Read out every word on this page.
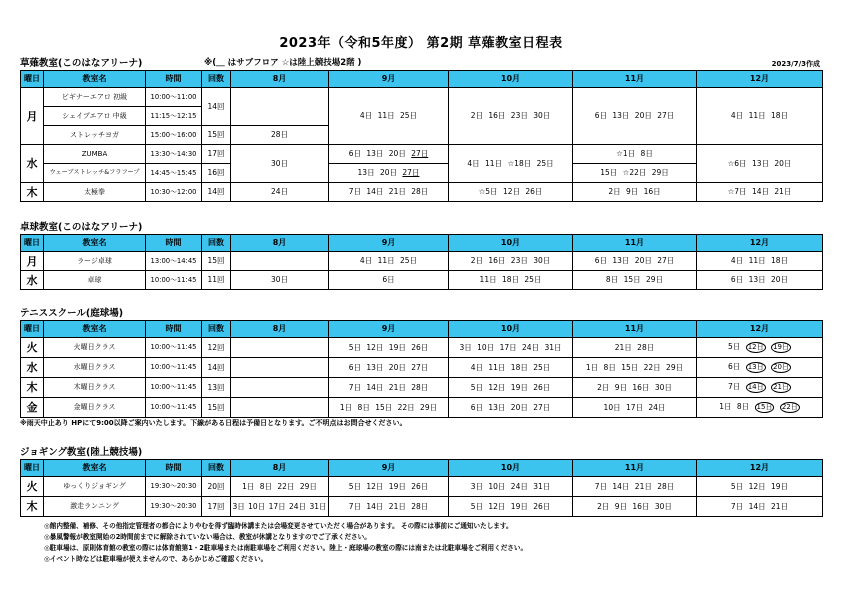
2023年（令和5年度） 第2期 草薙教室日程表
草薙教室(このはなアリーナ)	※(＿ はサブフロア ☆は陸上競技場2階 )	2023/7/3作成
曜日	教室名	時間	回数	8月	9月	10月	11月	12月
月	ビギナーエアロ 初級	10:00～11:00	14回		4日 11日 25日	2日 16日 23日 30日	6日 13日 20日 27日	4日 11日 18日
	シェイプエアロ 中級	11:15～12:15						
	ストレッチヨガ	15:00～16:00	15回	28日				
水	ZUMBA	13:30～14:30	17回	30日	6日 13日 20日 27日	4日 11日 ☆18日 25日	☆1日 8日	☆6日 13日 20日
	ウェーブストレッチ&フラフープ	14:45～15:45	16回		13日 20日 27日		15日 ☆22日 29日	
木	太極拳	10:30～12:00	14回	24日	7日 14日 21日 28日	☆5日 12日 26日	2日 9日 16日	☆7日 14日 21日
卓球教室(このはなアリーナ)
曜日	教室名	時間	回数	8月	9月	10月	11月	12月
月	ラージ卓球	13:00～14:45	15回		4日 11日 25日	2日 16日 23日 30日	6日 13日 20日 27日	4日 11日 18日
水	卓球	10:00～11:45	11回	30日	6日	11日 18日 25日	8日 15日 29日	6日 13日 20日
テニススクール(庭球場)
曜日	教室名	時間	回数	8月	9月	10月	11月	12月
火	火曜日クラス	10:00～11:45	12回		5日 12日 19日 26日	3日 10日 17日 24日 31日	21日 28日	5日 12日 19日
水	水曜日クラス	10:00～11:45	14回		6日 13日 20日 27日	4日 11日 18日 25日	1日 8日 15日 22日 29日	6日 13日 20日
木	木曜日クラス	10:00～11:45	13回		7日 14日 21日 28日	5日 12日 19日 26日	2日 9日 16日 30日	7日 14日 21日
金	金曜日クラス	10:00～11:45	15回		1日 8日 15日 22日 29日	6日 13日 20日 27日	10日 17日 24日	1日 8日 15日 22日
※雨天中止あり HPにて9:00以降ご案内いたします。下線がある日程は予備日となります。ご不明点はお問合せください。
ジョギング教室(陸上競技場)
曜日	教室名	時間	回数	8月	9月	10月	11月	12月
火	ゆっくりジョギング	19:30～20:30	20回	1日 8日 22日 29日	5日 12日 19日 26日	3日 10日 24日 31日	7日 14日 21日 28日	5日 12日 19日
木	激走ランニング	19:30～20:30	17回	3日 10日 17日 24日 31日	7日 14日 21日 28日	5日 12日 19日 26日	2日 9日 16日 30日	7日 14日 21日
◎館内整備、補修、その他指定管理者の都合によりやむを得ず臨時休講または会場変更させていただく場合があります。 その際には事前にご通知いたします。
◎暴風警報が教室開始の2時間前までに解除されていない場合は、教室が休講となりますのでご了承ください。
◎駐車場は、原則体育館の教室の際には体育館第1・2駐車場または南駐車場をご利用ください。陸上・庭球場の教室の際には南または北駐車場をご利用ください。
◎イベント時などは駐車場が使えませんので、あらかじめご確認ください。
